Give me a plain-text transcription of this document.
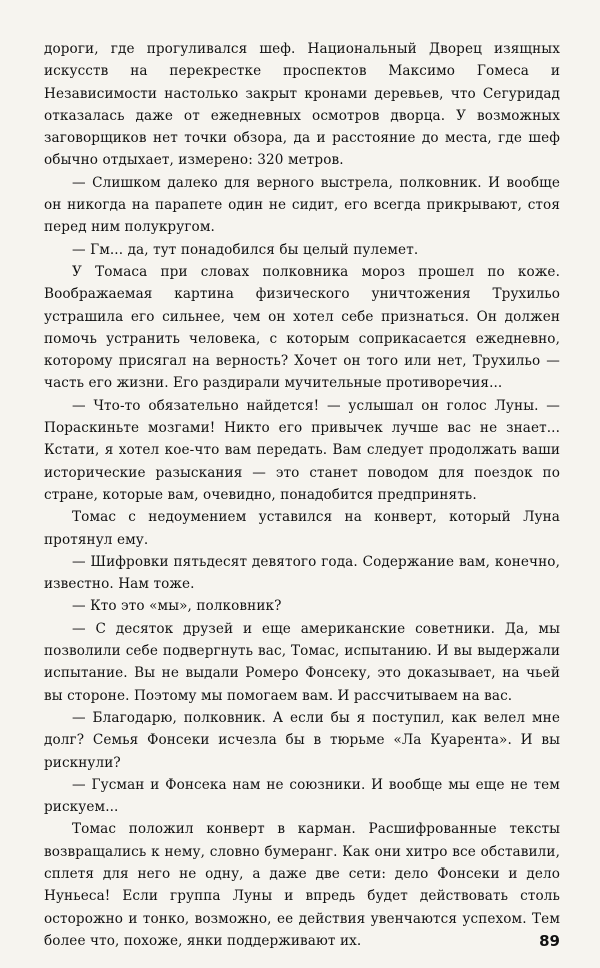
дороги, где прогуливался шеф. Национальный Дворец изящных искусств на перекрестке проспектов Максимо Гомеса и Независимости настолько закрыт кронами деревьев, что Сегуридад отказалась даже от ежедневных осмотров дворца. У возможных заговорщиков нет точки обзора, да и расстояние до места, где шеф обычно отдыхает, измерено: 320 метров.

— Слишком далеко для верного выстрела, полковник. И вообще он никогда на парапете один не сидит, его всегда прикрывают, стоя перед ним полукругом.

— Гм... да, тут понадобился бы целый пулемет.

У Томаса при словах полковника мороз прошел по коже. Воображаемая картина физического уничтожения Трухильо устрашила его сильнее, чем он хотел себе признаться. Он должен помочь устранить человека, с которым соприкасается ежедневно, которому присягал на верность? Хочет он того или нет, Трухильо — часть его жизни. Его раздирали мучительные противоречия...

— Что-то обязательно найдется! — услышал он голос Луны. — Пораскиньте мозгами! Никто его привычек лучше вас не знает... Кстати, я хотел кое-что вам передать. Вам следует продолжать ваши исторические разыскания — это станет поводом для поездок по стране, которые вам, очевидно, понадобится предпринять.

Томас с недоумением уставился на конверт, который Луна протянул ему.

— Шифровки пятьдесят девятого года. Содержание вам, конечно, известно. Нам тоже.

— Кто это «мы», полковник?

— С десяток друзей и еще американские советники. Да, мы позволили себе подвергнуть вас, Томас, испытанию. И вы выдержали испытание. Вы не выдали Ромеро Фонсеку, это доказывает, на чьей вы стороне. Поэтому мы помогаем вам. И рассчитываем на вас.

— Благодарю, полковник. А если бы я поступил, как велел мне долг? Семья Фонсеки исчезла бы в тюрьме «Ла Куарента». И вы рискнули?

— Гусман и Фонсека нам не союзники. И вообще мы еще не тем рискуем...

Томас положил конверт в карман. Расшифрованные тексты возвращались к нему, словно бумеранг. Как они хитро все обставили, сплетя для него не одну, а даже две сети: дело Фонсеки и дело Нуньеса! Если группа Луны и впредь будет действовать столь осторожно и тонко, возможно, ее действия увенчаются успехом. Тем более что, похоже, янки поддерживают их.	89
